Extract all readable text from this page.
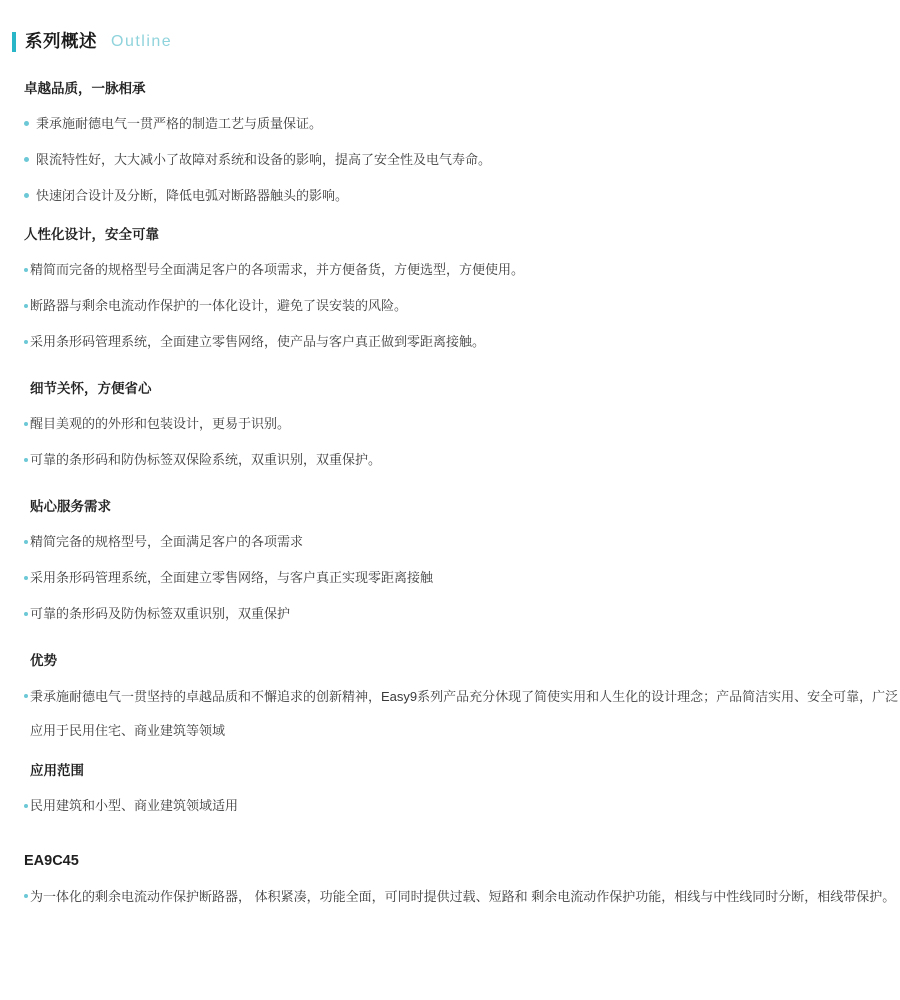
系列概述 Outline
卓越品质，一脉相承
秉承施耐德电气一贯严格的制造工艺与质量保证。
限流特性好，大大减小了故障对系统和设备的影响，提高了安全性及电气寿命。
快速闭合设计及分断，降低电弧对断路器触头的影响。
人性化设计，安全可靠
精简而完备的规格型号全面满足客户的各项需求，并方便备货，方便选型，方便使用。
断路器与剩余电流动作保护的一体化设计，避免了误安装的风险。
采用条形码管理系统，全面建立零售网络，使产品与客户真正做到零距离接触。
细节关怀，方便省心
醒目美观的的外形和包装设计，更易于识别。
可靠的条形码和防伪标签双保险系统，双重识别，双重保护。
贴心服务需求
精简完备的规格型号，全面满足客户的各项需求
采用条形码管理系统，全面建立零售网络，与客户真正实现零距离接触
可靠的条形码及防伪标签双重识别，双重保护
优势
秉承施耐德电气一贯坚持的卓越品质和不懈追求的创新精神，Easy9系列产品充分休现了简使实用和人生化的设计理念；产品简洁实用、安全可靠，广泛应用于民用住宅、商业建筑等领域
应用范围
民用建筑和小型、商业建筑领域适用
EA9C45
为一体化的剩余电流动作保护断路器， 体积紧凑，功能全面，可同时提供过载、短路和 剩余电流动作保护功能，相线与中性线同时分断，相线带保护。
